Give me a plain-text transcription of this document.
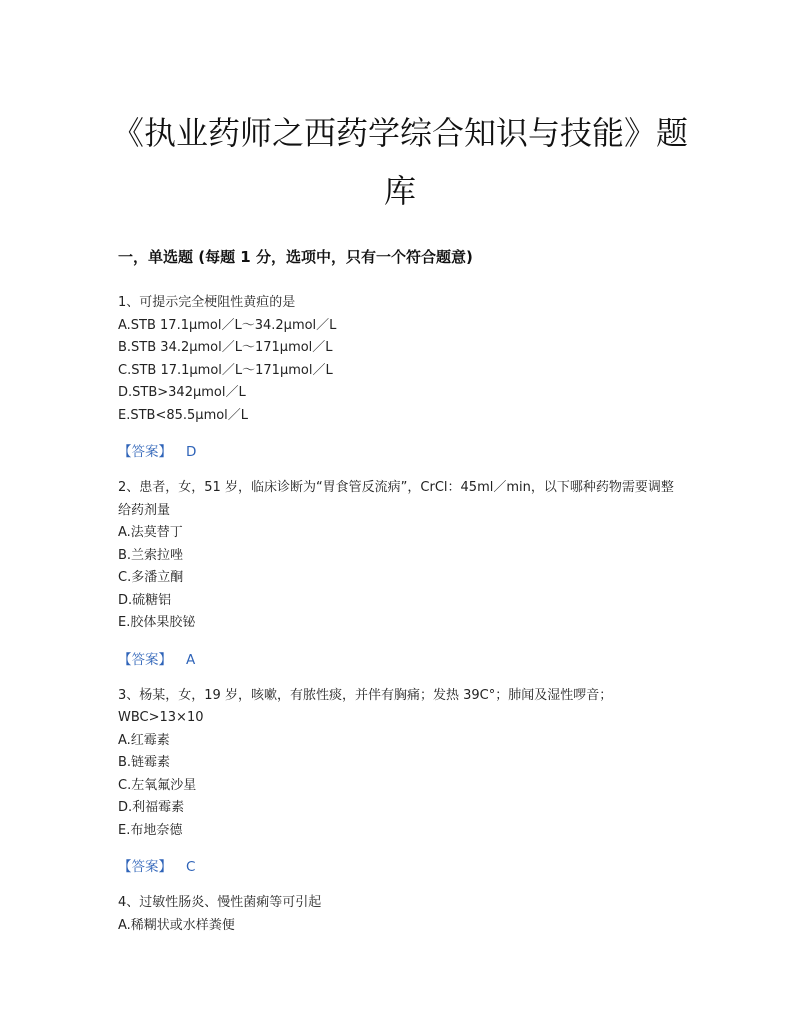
《执业药师之西药学综合知识与技能》题库
一，单选题 (每题 1 分，选项中，只有一个符合题意)
1、可提示完全梗阻性黄疸的是
A.STB 17.1μmol／L～34.2μmol／L
B.STB 34.2μmol／L～171μmol／L
C.STB 17.1μmol／L～171μmol／L
D.STB>342μmol／L
E.STB<85.5μmol／L
【答案】 D
2、患者，女，51 岁，临床诊断为“胃食管反流病”，CrCl：45ml／min，以下哪种药物需要调整给药剂量
A.法莫替丁
B.兰索拉唑
C.多潘立酮
D.硫糖铝
E.胶体果胶铋
【答案】 A
3、杨某，女，19 岁，咳嗽，有脓性痰，并伴有胸痛；发热 39C°；肺闻及湿性啰音；WBC>13×10
A.红霉素
B.链霉素
C.左氧氟沙星
D.利福霉素
E.布地奈德
【答案】 C
4、过敏性肠炎、慢性菌痢等可引起
A.稀糊状或水样粪便
